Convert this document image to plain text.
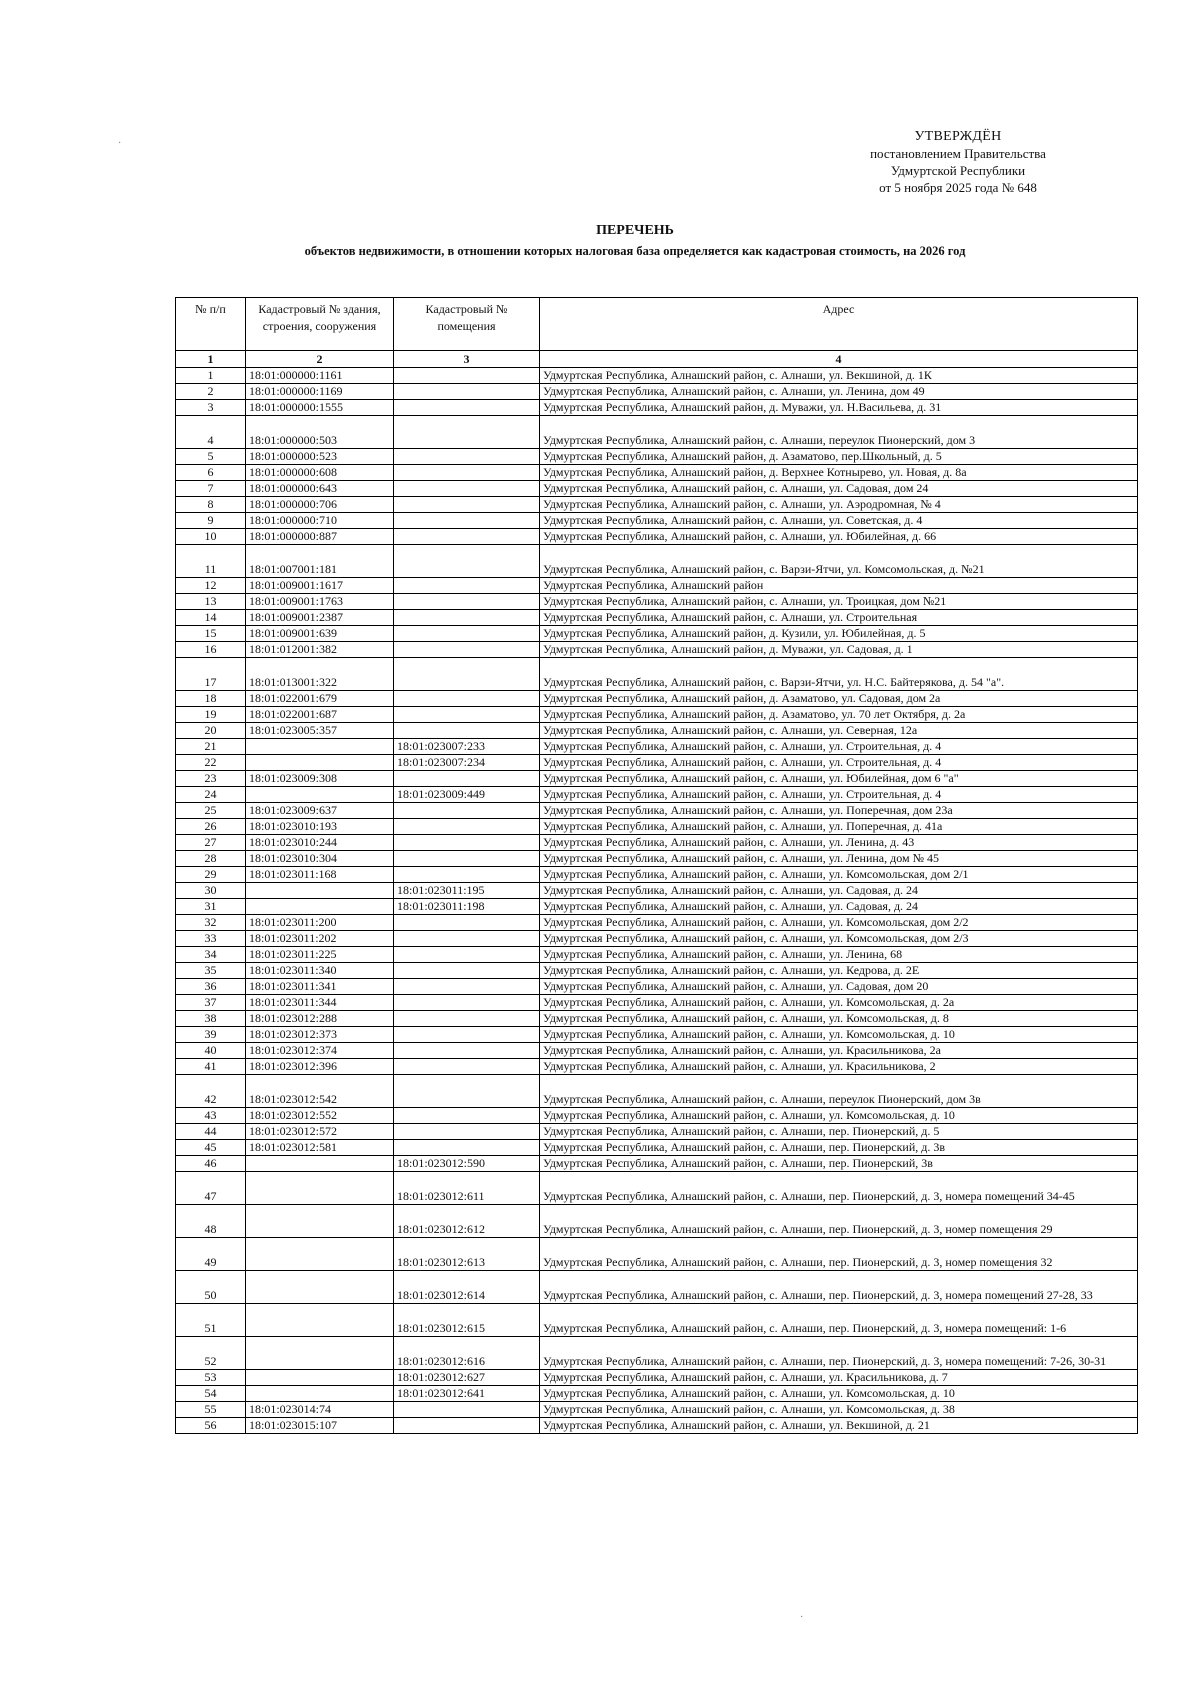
УТВЕРЖДЁН
постановлением Правительства
Удмуртской Республики
от 5 ноября 2025 года № 648
ПЕРЕЧЕНЬ
объектов недвижимости, в отношении которых налоговая база определяется как кадастровая стоимость, на 2026 год
№ п/п	Кадастровый № здания, строения, сооружения	Кадастровый № помещения	Адрес
1	2	3	4
1	18:01:000000:1161		Удмуртская Республика, Алнашский район, с. Алнаши, ул. Векшиной, д. 1К
2	18:01:000000:1169		Удмуртская Республика, Алнашский район, с. Алнаши, ул. Ленина, дом 49
3	18:01:000000:1555		Удмуртская Республика, Алнашский район, д. Муважи, ул. Н.Васильева, д. 31
4	18:01:000000:503		Удмуртская Республика, Алнашский район, с. Алнаши, переулок Пионерский, дом 3
5	18:01:000000:523		Удмуртская Республика, Алнашский район, д. Азаматово, пер.Школьный, д. 5
6	18:01:000000:608		Удмуртская Республика, Алнашский район, д. Верхнее Котнырево, ул. Новая, д. 8а
7	18:01:000000:643		Удмуртская Республика, Алнашский район, с. Алнаши, ул. Садовая, дом 24
8	18:01:000000:706		Удмуртская Республика, Алнашский район, с. Алнаши, ул. Аэродромная, № 4
9	18:01:000000:710		Удмуртская Республика, Алнашский район, с. Алнаши, ул. Советская, д. 4
10	18:01:000000:887		Удмуртская Республика, Алнашский район, с. Алнаши, ул. Юбилейная, д. 66
11	18:01:007001:181		Удмуртская Республика, Алнашский район, с. Варзи-Ятчи, ул. Комсомольская, д. №21
12	18:01:009001:1617		Удмуртская Республика, Алнашский район
13	18:01:009001:1763		Удмуртская Республика, Алнашский район, с. Алнаши, ул. Троицкая, дом №21
14	18:01:009001:2387		Удмуртская Республика, Алнашский район, с. Алнаши, ул. Строительная
15	18:01:009001:639		Удмуртская Республика, Алнашский район, д. Кузили, ул. Юбилейная, д. 5
16	18:01:012001:382		Удмуртская Республика, Алнашский район, д. Муважи, ул. Садовая, д. 1
17	18:01:013001:322		Удмуртская Республика, Алнашский район, с. Варзи-Ятчи, ул. Н.С. Байтерякова, д. 54 "а".
18	18:01:022001:679		Удмуртская Республика, Алнашский район, д. Азаматово, ул. Садовая, дом 2а
19	18:01:022001:687		Удмуртская Республика, Алнашский район, д. Азаматово, ул. 70 лет Октября, д. 2а
20	18:01:023005:357		Удмуртская Республика, Алнашский район, с. Алнаши, ул. Северная, 12а
21		18:01:023007:233	Удмуртская Республика, Алнашский район, с. Алнаши, ул. Строительная, д. 4
22		18:01:023007:234	Удмуртская Республика, Алнашский район, с. Алнаши, ул. Строительная, д. 4
23	18:01:023009:308		Удмуртская Республика, Алнашский район, с. Алнаши, ул. Юбилейная, дом 6 "а"
24		18:01:023009:449	Удмуртская Республика, Алнашский район, с. Алнаши, ул. Строительная, д. 4
25	18:01:023009:637		Удмуртская Республика, Алнашский район, с. Алнаши, ул. Поперечная, дом 23а
26	18:01:023010:193		Удмуртская Республика, Алнашский район, с. Алнаши, ул. Поперечная, д. 41а
27	18:01:023010:244		Удмуртская Республика, Алнашский район, с. Алнаши, ул. Ленина, д. 43
28	18:01:023010:304		Удмуртская Республика, Алнашский район, с. Алнаши, ул. Ленина, дом № 45
29	18:01:023011:168		Удмуртская Республика, Алнашский район, с. Алнаши, ул. Комсомольская, дом 2/1
30		18:01:023011:195	Удмуртская Республика, Алнашский район, с. Алнаши, ул. Садовая, д. 24
31		18:01:023011:198	Удмуртская Республика, Алнашский район, с. Алнаши, ул. Садовая, д. 24
32	18:01:023011:200		Удмуртская Республика, Алнашский район, с. Алнаши, ул. Комсомольская, дом 2/2
33	18:01:023011:202		Удмуртская Республика, Алнашский район, с. Алнаши, ул. Комсомольская, дом 2/3
34	18:01:023011:225		Удмуртская Республика, Алнашский район, с. Алнаши, ул. Ленина, 68
35	18:01:023011:340		Удмуртская Республика, Алнашский район, с. Алнаши, ул. Кедрова, д. 2Е
36	18:01:023011:341		Удмуртская Республика, Алнашский район, с. Алнаши, ул. Садовая, дом 20
37	18:01:023011:344		Удмуртская Республика, Алнашский район, с. Алнаши, ул. Комсомольская, д. 2а
38	18:01:023012:288		Удмуртская Республика, Алнашский район, с. Алнаши, ул. Комсомольская, д. 8
39	18:01:023012:373		Удмуртская Республика, Алнашский район, с. Алнаши, ул. Комсомольская, д. 10
40	18:01:023012:374		Удмуртская Республика, Алнашский район, с. Алнаши, ул. Красильникова, 2а
41	18:01:023012:396		Удмуртская Республика, Алнашский район, с. Алнаши, ул. Красильникова, 2
42	18:01:023012:542		Удмуртская Республика, Алнашский район, с. Алнаши, переулок Пионерский, дом 3в
43	18:01:023012:552		Удмуртская Республика, Алнашский район, с. Алнаши, ул. Комсомольская, д. 10
44	18:01:023012:572		Удмуртская Республика, Алнашский район, с. Алнаши, пер. Пионерский, д. 5
45	18:01:023012:581		Удмуртская Республика, Алнашский район, с. Алнаши, пер. Пионерский, д. 3в
46		18:01:023012:590	Удмуртская Республика, Алнашский район, с. Алнаши, пер. Пионерский, 3в
47		18:01:023012:611	Удмуртская Республика, Алнашский район, с. Алнаши, пер. Пионерский, д. 3, номера помещений 34-45
48		18:01:023012:612	Удмуртская Республика, Алнашский район, с. Алнаши, пер. Пионерский, д. 3, номер помещения 29
49		18:01:023012:613	Удмуртская Республика, Алнашский район, с. Алнаши, пер. Пионерский, д. 3, номер помещения 32
50		18:01:023012:614	Удмуртская Республика, Алнашский район, с. Алнаши, пер. Пионерский, д. 3, номера помещений 27-28, 33
51		18:01:023012:615	Удмуртская Республика, Алнашский район, с. Алнаши, пер. Пионерский, д. 3, номера помещений: 1-6
52		18:01:023012:616	Удмуртская Республика, Алнашский район, с. Алнаши, пер. Пионерский, д. 3, номера помещений: 7-26, 30-31
53		18:01:023012:627	Удмуртская Республика, Алнашский район, с. Алнаши, ул. Красильникова, д. 7
54		18:01:023012:641	Удмуртская Республика, Алнашский район, с. Алнаши, ул. Комсомольская, д. 10
55	18:01:023014:74		Удмуртская Республика, Алнашский район, с. Алнаши, ул. Комсомольская, д. 38
56	18:01:023015:107		Удмуртская Республика, Алнашский район, с. Алнаши, ул. Векшиной, д. 21
·
·
